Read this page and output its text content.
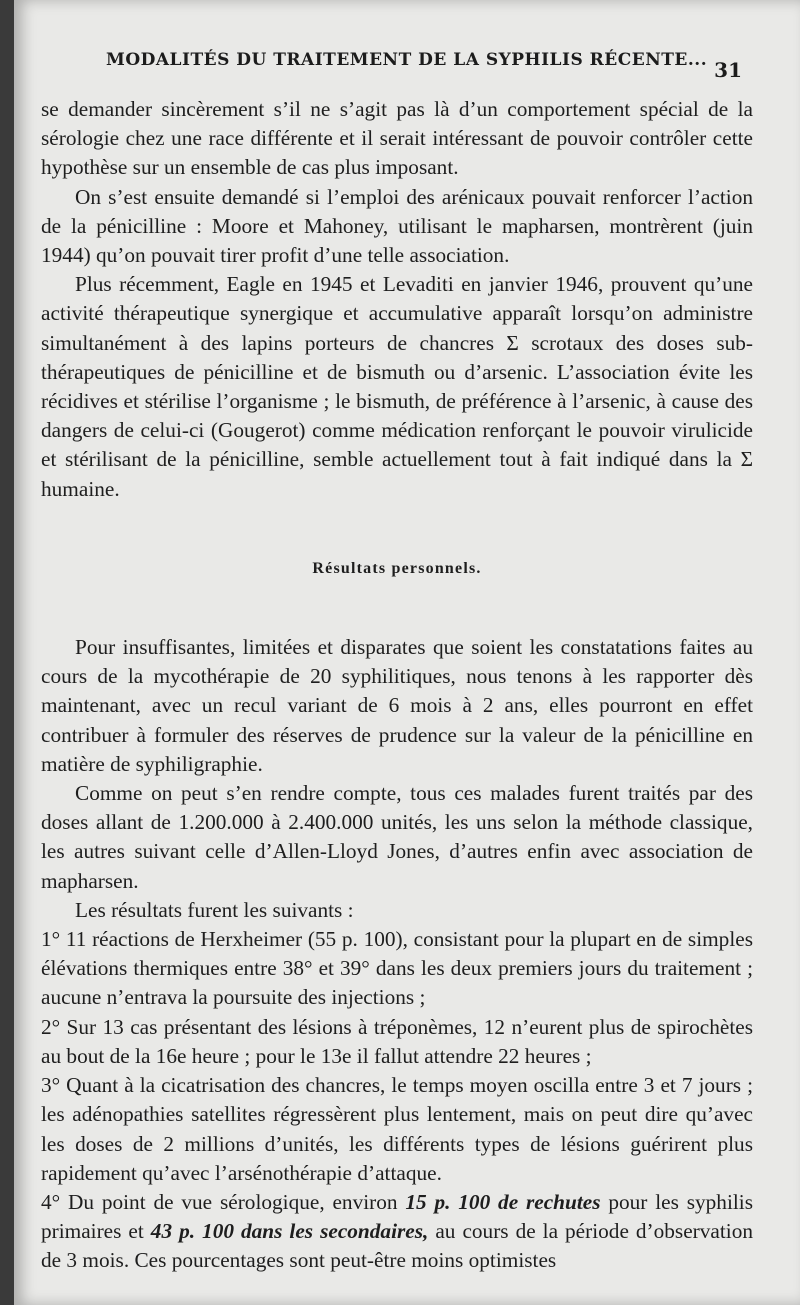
MODALITÉS DU TRAITEMENT DE LA SYPHILIS RÉCENTE... 31

se demander sincèrement s’il ne s’agit pas là d’un comportement spécial de la sérologie chez une race différente et il serait intéressant de pouvoir contrôler cette hypothèse sur un ensemble de cas plus imposant.

On s’est ensuite demandé si l’emploi des arénicaux pouvait renforcer l’action de la pénicilline : Moore et Mahoney, utilisant le mapharsen, montrèrent (juin 1944) qu’on pouvait tirer profit d’une telle association.

Plus récemment, Eagle en 1945 et Levaditi en janvier 1946, prouvent qu’une activité thérapeutique synergique et accumulative apparaît lorsqu’on administre simultanément à des lapins porteurs de chancres Σ scrotaux des doses sub-thérapeutiques de pénicilline et de bismuth ou d’arsenic. L’association évite les récidives et stérilise l’organisme ; le bismuth, de préférence à l’arsenic, à cause des dangers de celui-ci (Gougerot) comme médication renforçant le pouvoir virulicide et stérilisant de la pénicilline, semble actuellement tout à fait indiqué dans la Σ humaine.

Résultats personnels.

Pour insuffisantes, limitées et disparates que soient les constatations faites au cours de la mycothérapie de 20 syphilitiques, nous tenons à les rapporter dès maintenant, avec un recul variant de 6 mois à 2 ans, elles pourront en effet contribuer à formuler des réserves de prudence sur la valeur de la pénicilline en matière de syphiligraphie.

Comme on peut s’en rendre compte, tous ces malades furent traités par des doses allant de 1.200.000 à 2.400.000 unités, les uns selon la méthode classique, les autres suivant celle d’Allen-Lloyd Jones, d’autres enfin avec association de mapharsen.

Les résultats furent les suivants :

1° 11 réactions de Herxheimer (55 p. 100), consistant pour la plupart en de simples élévations thermiques entre 38° et 39° dans les deux premiers jours du traitement ; aucune n’entrava la poursuite des injections ;

2° Sur 13 cas présentant des lésions à tréponèmes, 12 n’eurent plus de spirochètes au bout de la 16e heure ; pour le 13e il fallut attendre 22 heures ;

3° Quant à la cicatrisation des chancres, le temps moyen oscilla entre 3 et 7 jours ; les adénopathies satellites régressèrent plus lentement, mais on peut dire qu’avec les doses de 2 millions d’unités, les différents types de lésions guérirent plus rapidement qu’avec l’arsénothérapie d’attaque.

4° Du point de vue sérologique, environ 15 p. 100 de rechutes pour les syphilis primaires et 43 p. 100 dans les secondaires, au cours de la période d’observation de 3 mois. Ces pourcentages sont peut-être moins optimistes
